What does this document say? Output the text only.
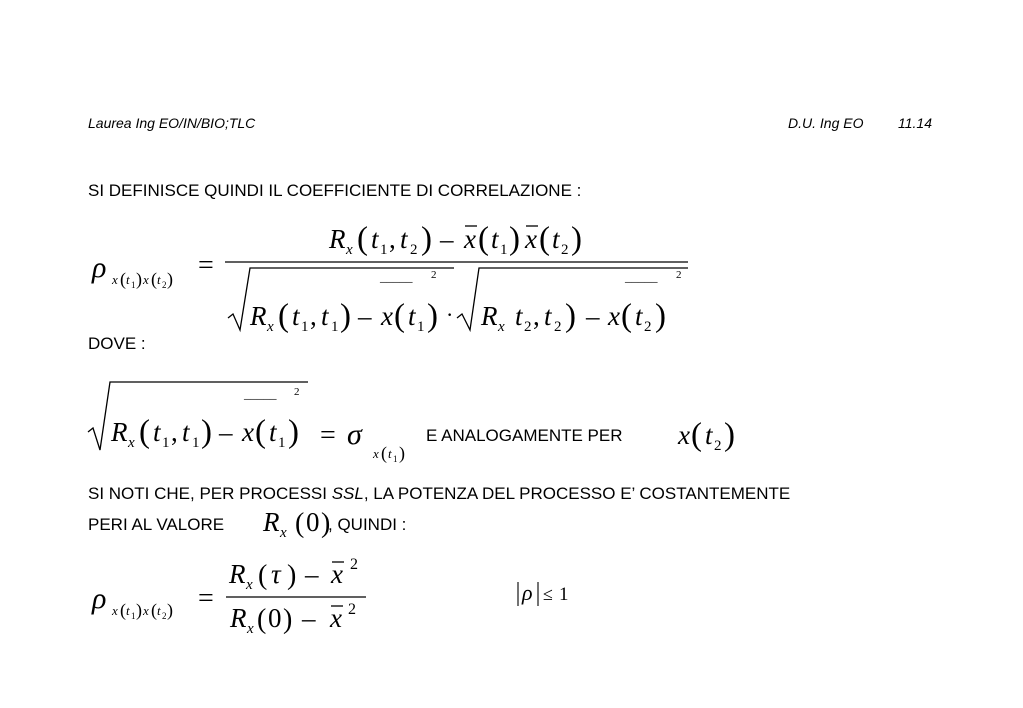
Laurea Ing EO/IN/BIO;TLC	D.U. Ing EO 11.14
SI DEFINISCE QUINDI IL COEFFICIENTE DI CORRELAZIONE :
ρ x ( t 1 ) x ( t 2 ) =
R x ( t 1 , t 2 ) – x ( t 1 ) x ( t 2 )
_____ 2
R x ( t 1 , t 1 ) – x ( t 1 ) ·
_____ 2
R x t 2 , t 2 ) – x ( t 2 )
DOVE :
_____ 2
R x ( t 1 , t 1 ) – x ( t 1 ) = σ
x ( t 1 )
E ANALOGAMENTE PER x ( t 2 )
SI NOTI CHE, PER PROCESSI SSL, LA POTENZA DEL PROCESSO E’ COSTANTEMENTE
PERI AL VALORE R x ( 0 )
, QUINDI :
ρ x ( t 1 ) x ( t 2 ) =
R x ( τ ) – x 2
R x ( 0 ) – x 2
ρ ≤ 1
